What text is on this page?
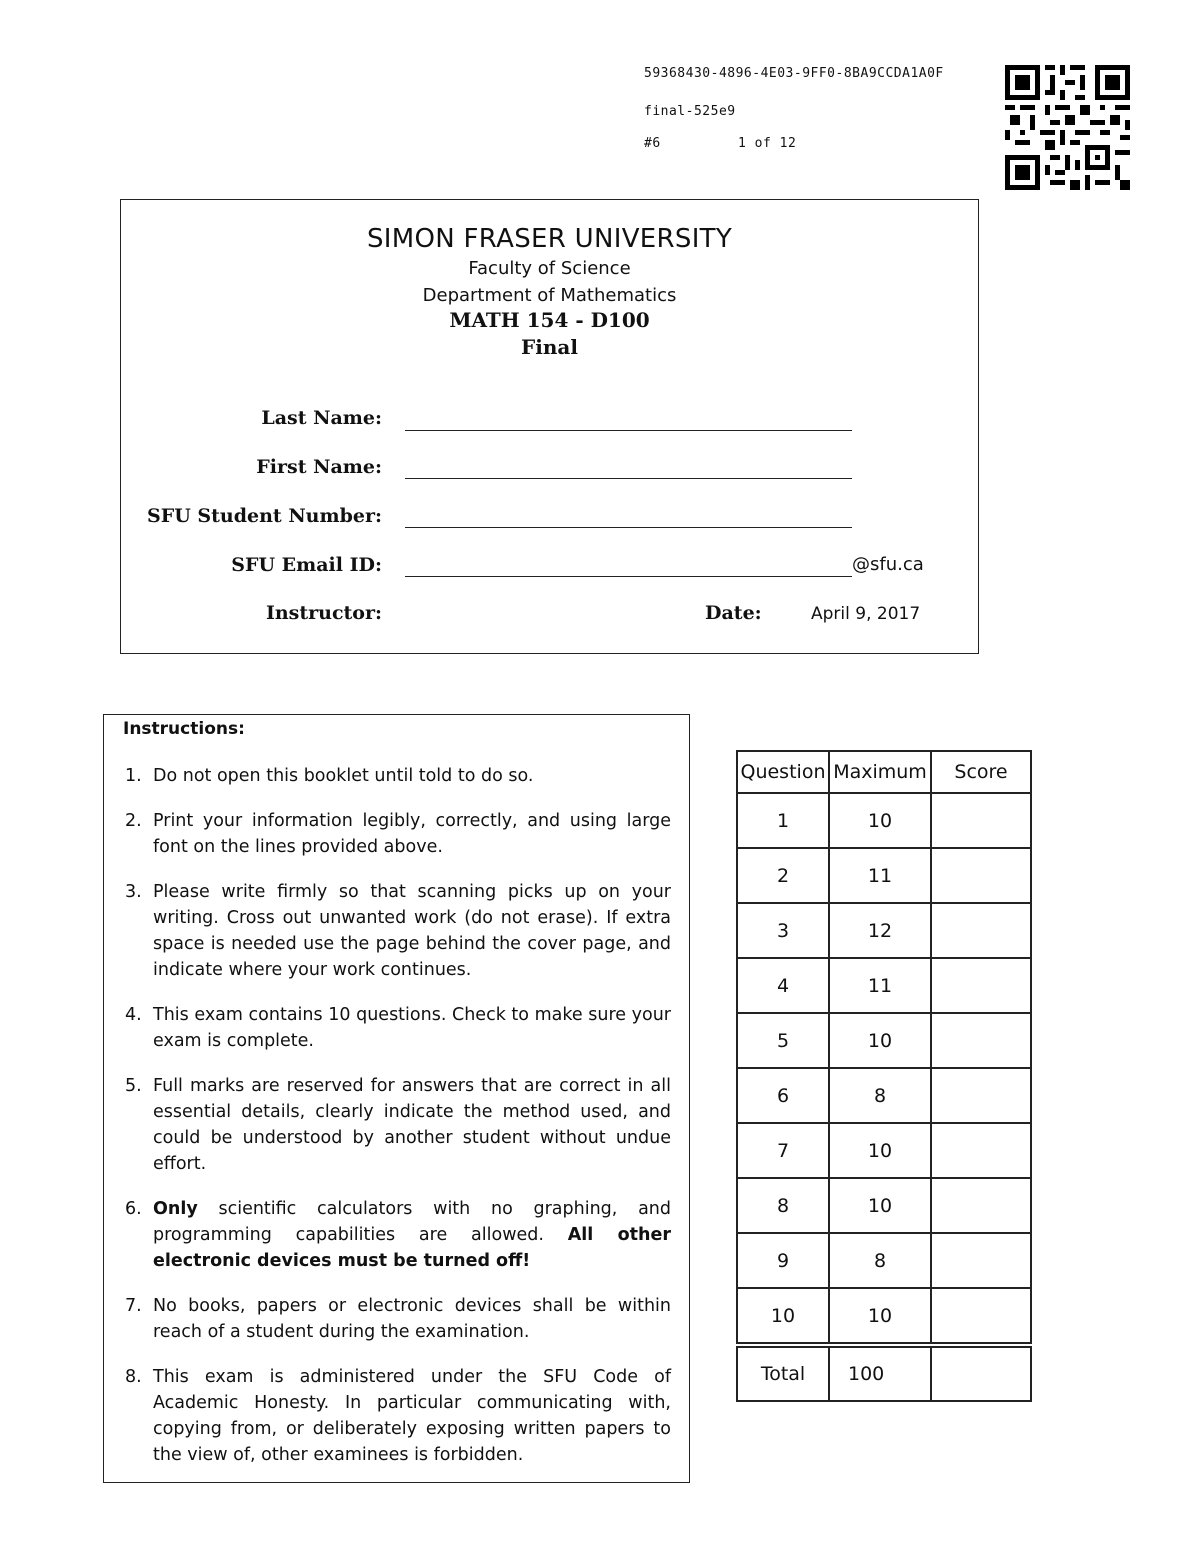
59368430-4896-4E03-9FF0-8BA9CCDA1A0F
final-525e9
#6	1 of 12
SIMON FRASER UNIVERSITY
Faculty of Science
Department of Mathematics
MATH 154 - D100
Final
Last Name:
First Name:
SFU Student Number:
SFU Email ID:	@sfu.ca
Instructor:	Date:	April 9, 2017
Instructions:
1. Do not open this booklet until told to do so.
2. Print your information legibly, correctly, and using large font on the lines provided above.
3. Please write firmly so that scanning picks up on your writing. Cross out unwanted work (do not erase). If extra space is needed use the page behind the cover page, and indicate where your work continues.
4. This exam contains 10 questions. Check to make sure your exam is complete.
5. Full marks are reserved for answers that are correct in all essential details, clearly indicate the method used, and could be understood by another student without undue effort.
6. Only scientific calculators with no graphing, and programming capabilities are allowed. All other electronic devices must be turned off!
7. No books, papers or electronic devices shall be within reach of a student during the examination.
8. This exam is administered under the SFU Code of Academic Honesty. In particular communicating with, copying from, or deliberately exposing written papers to the view of, other examinees is forbidden.
Question	Maximum	Score
1	10	
2	11	
3	12	
4	11	
5	10	
6	8	
7	10	
8	10	
9	8	
10	10	
Total	100	
